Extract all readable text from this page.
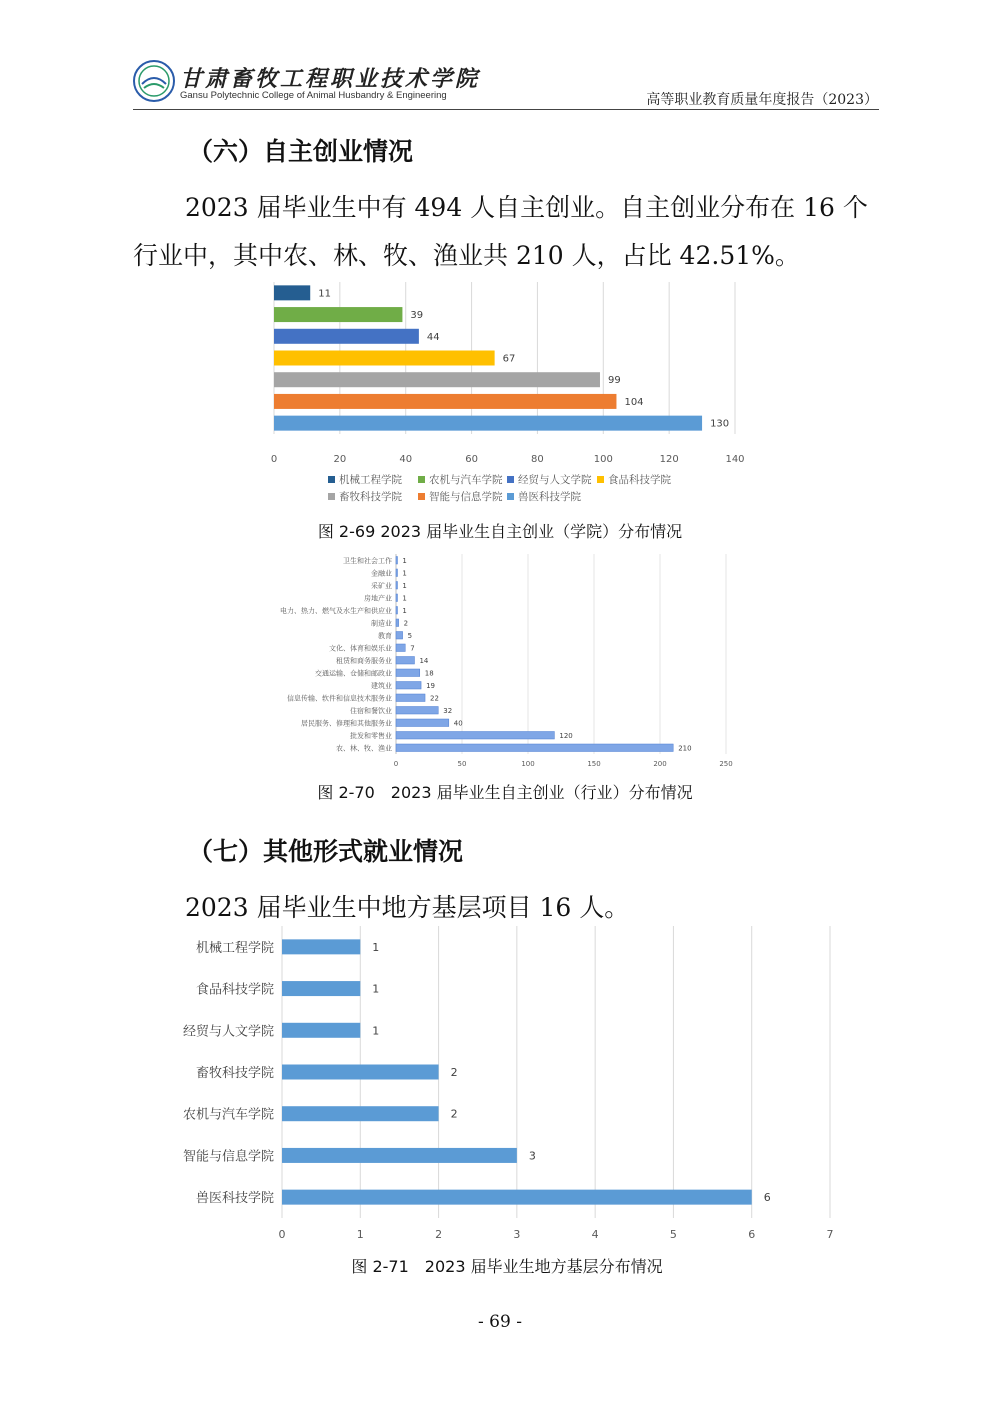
甘肃畜牧工程职业技术学院
Gansu Polytechnic College of Animal Husbandry & Engineering	高等职业教育质量年度报告（2023）
（六）自主创业情况
2023 届毕业生中有 494 人自主创业。自主创业分布在 16 个
行业中，其中农、林、牧、渔业共 210 人，占比 42.51%。
0	20	40	60	80	100	120	140
11
39
44
67
99
104
130
机械工程学院	农机与汽车学院 经贸与人文学院 食品科技学院
畜牧科技学院	智能与信息学院 兽医科技学院
图 2-69 2023 届毕业生自主创业（学院）分布情况
0	50	100	150	200	250
卫生和社会工作 1
金融业 1
采矿业 1
房地产业 1
电力、热力、燃气及水生产和供应业 1
制造业 2
教育 5
文化、体育和娱乐业	7
租赁和商务服务业	14
交通运输、仓储和邮政业	18
建筑业	19
信息传输、软件和信息技术服务业	22
住宿和餐饮业	32
居民服务、修理和其他服务业	40
批发和零售业	120
农、林、牧、渔业	210
图 2-70　2023 届毕业生自主创业（行业）分布情况
（七）其他形式就业情况
2023 届毕业生中地方基层项目 16 人。
0	1	2	3	4	5	6	7
机械工程学院	1
食品科技学院	1
经贸与人文学院	1
畜牧科技学院	2
农机与汽车学院	2
智能与信息学院	3
兽医科技学院	6
图 2-71　2023 届毕业生地方基层分布情况
- 69 -
